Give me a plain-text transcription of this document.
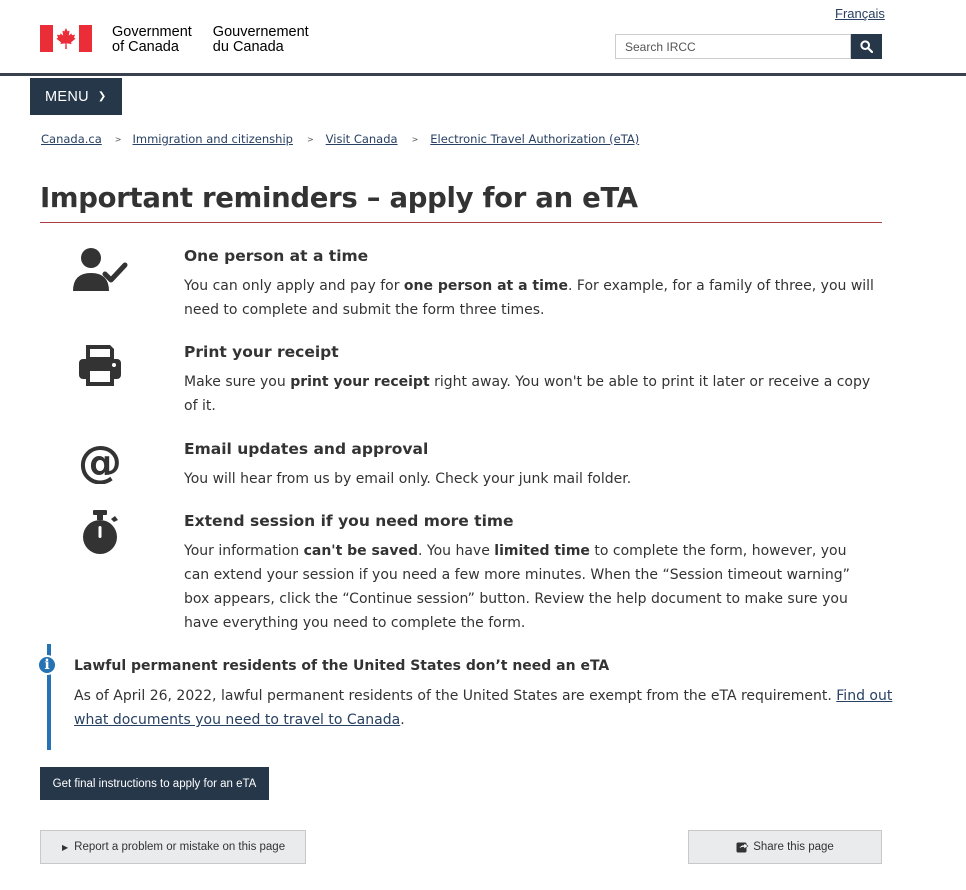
Français
Government
of Canada
Gouvernement
du Canada
Search IRCC
MENU ❯
Canada.ca > Immigration and citizenship > Visit Canada > Electronic Travel Authorization (eTA)
Important reminders – apply for an eTA
One person at a time
You can only apply and pay for one person at a time. For example, for a family of three, you will need to complete and submit the form three times.
Print your receipt
Make sure you print your receipt right away. You won't be able to print it later or receive a copy of it.
@	Email updates and approval
You will hear from us by email only. Check your junk mail folder.
Extend session if you need more time
Your information can't be saved. You have limited time to complete the form, however, you can extend your session if you need a few more minutes. When the “Session timeout warning” box appears, click the “Continue session” button. Review the help document to make sure you have everything you need to complete the form.
i	Lawful permanent residents of the United States don’t need an eTA
As of April 26, 2022, lawful permanent residents of the United States are exempt from the eTA requirement. Find out what documents you need to travel to Canada.
Get final instructions to apply for an eTA
▶ Report a problem or mistake on this page	Share this page
